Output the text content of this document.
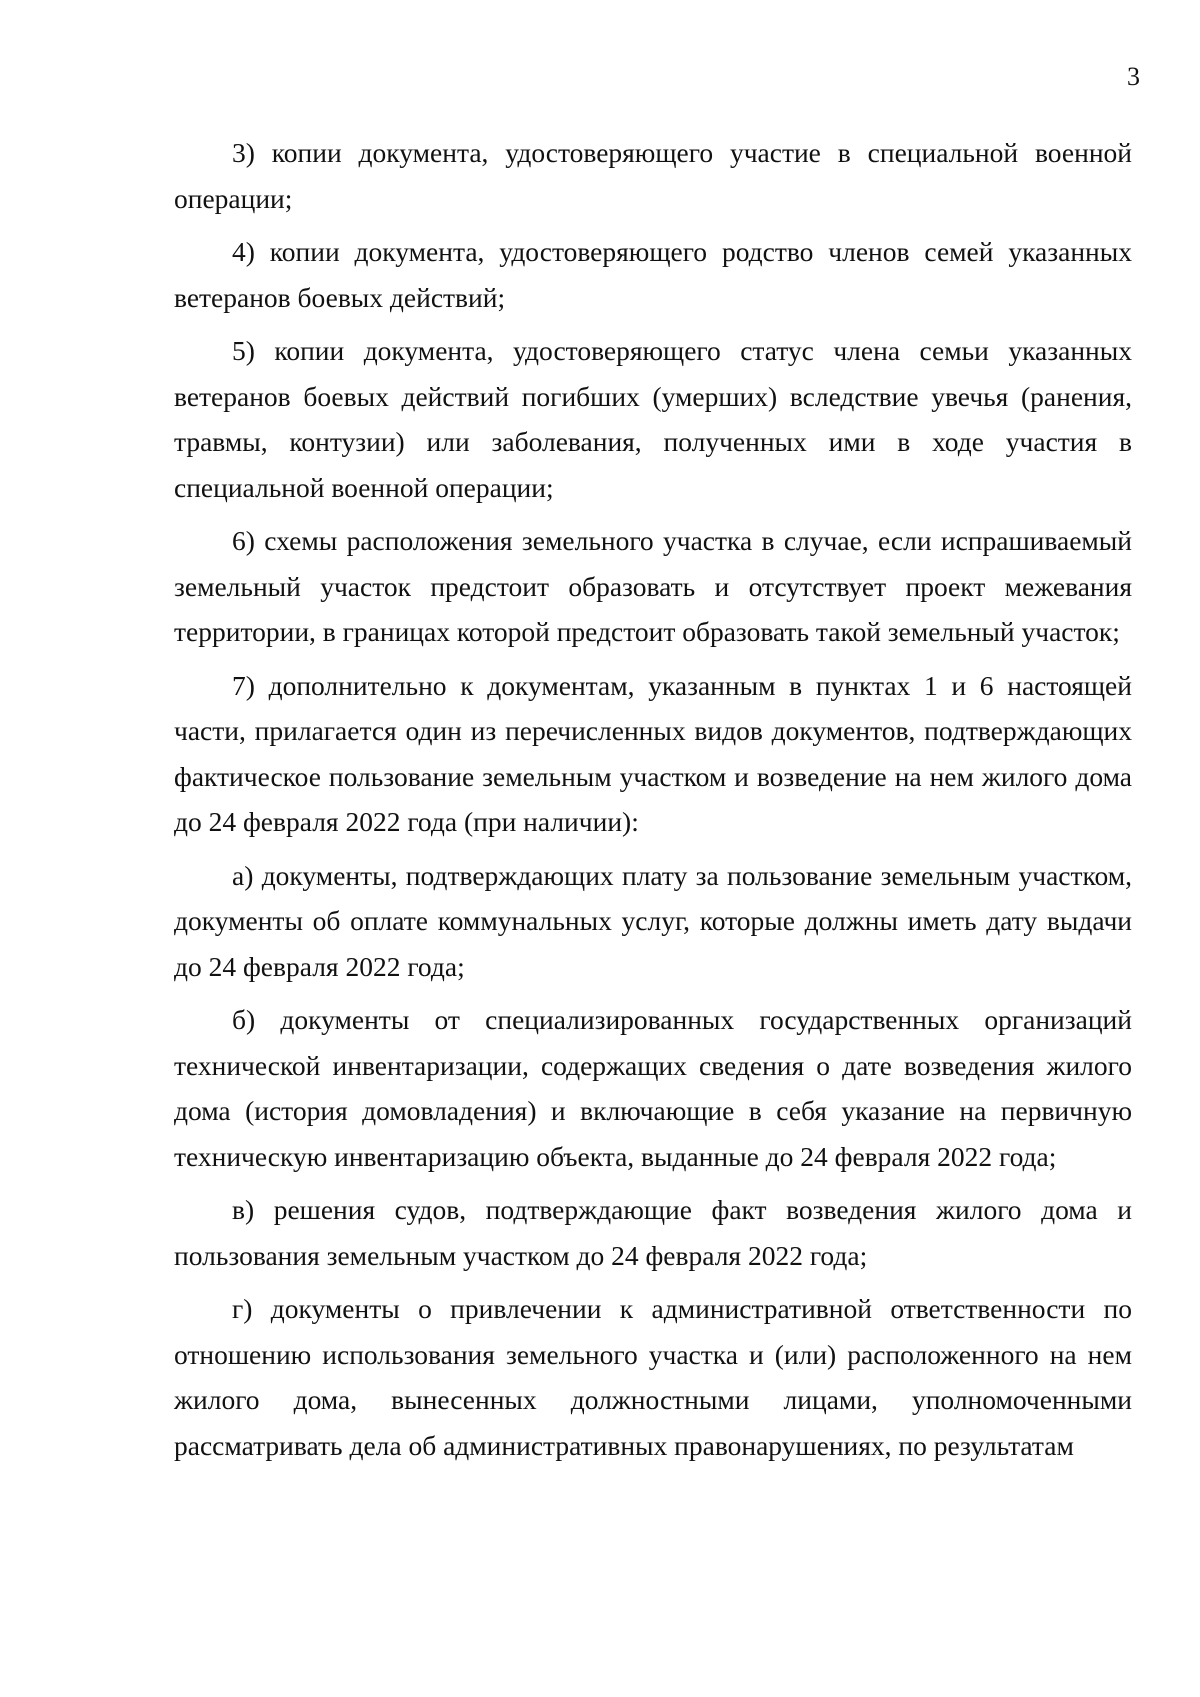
3

3) копии документа, удостоверяющего участие в специальной военной операции;

4) копии документа, удостоверяющего родство членов семей указанных ветеранов боевых действий;

5) копии документа, удостоверяющего статус члена семьи указанных ветеранов боевых действий погибших (умерших) вследствие увечья (ранения, травмы, контузии) или заболевания, полученных ими в ходе участия в специальной военной операции;

6) схемы расположения земельного участка в случае, если испрашиваемый земельный участок предстоит образовать и отсутствует проект межевания территории, в границах которой предстоит образовать такой земельный участок;

7) дополнительно к документам, указанным в пунктах 1 и 6 настоящей части, прилагается один из перечисленных видов документов, подтверждающих фактическое пользование земельным участком и возведение на нем жилого дома до 24 февраля 2022 года (при наличии):

а) документы, подтверждающих плату за пользование земельным участком, документы об оплате коммунальных услуг, которые должны иметь дату выдачи до 24 февраля 2022 года;

б) документы от специализированных государственных организаций технической инвентаризации, содержащих сведения о дате возведения жилого дома (история домовладения) и включающие в себя указание на первичную техническую инвентаризацию объекта, выданные до 24 февраля 2022 года;

в) решения судов, подтверждающие факт возведения жилого дома и пользования земельным участком до 24 февраля 2022 года;

г) документы о привлечении к административной ответственности по отношению использования земельного участка и (или) расположенного на нем жилого дома, вынесенных должностными лицами, уполномоченными рассматривать дела об административных правонарушениях, по результатам
